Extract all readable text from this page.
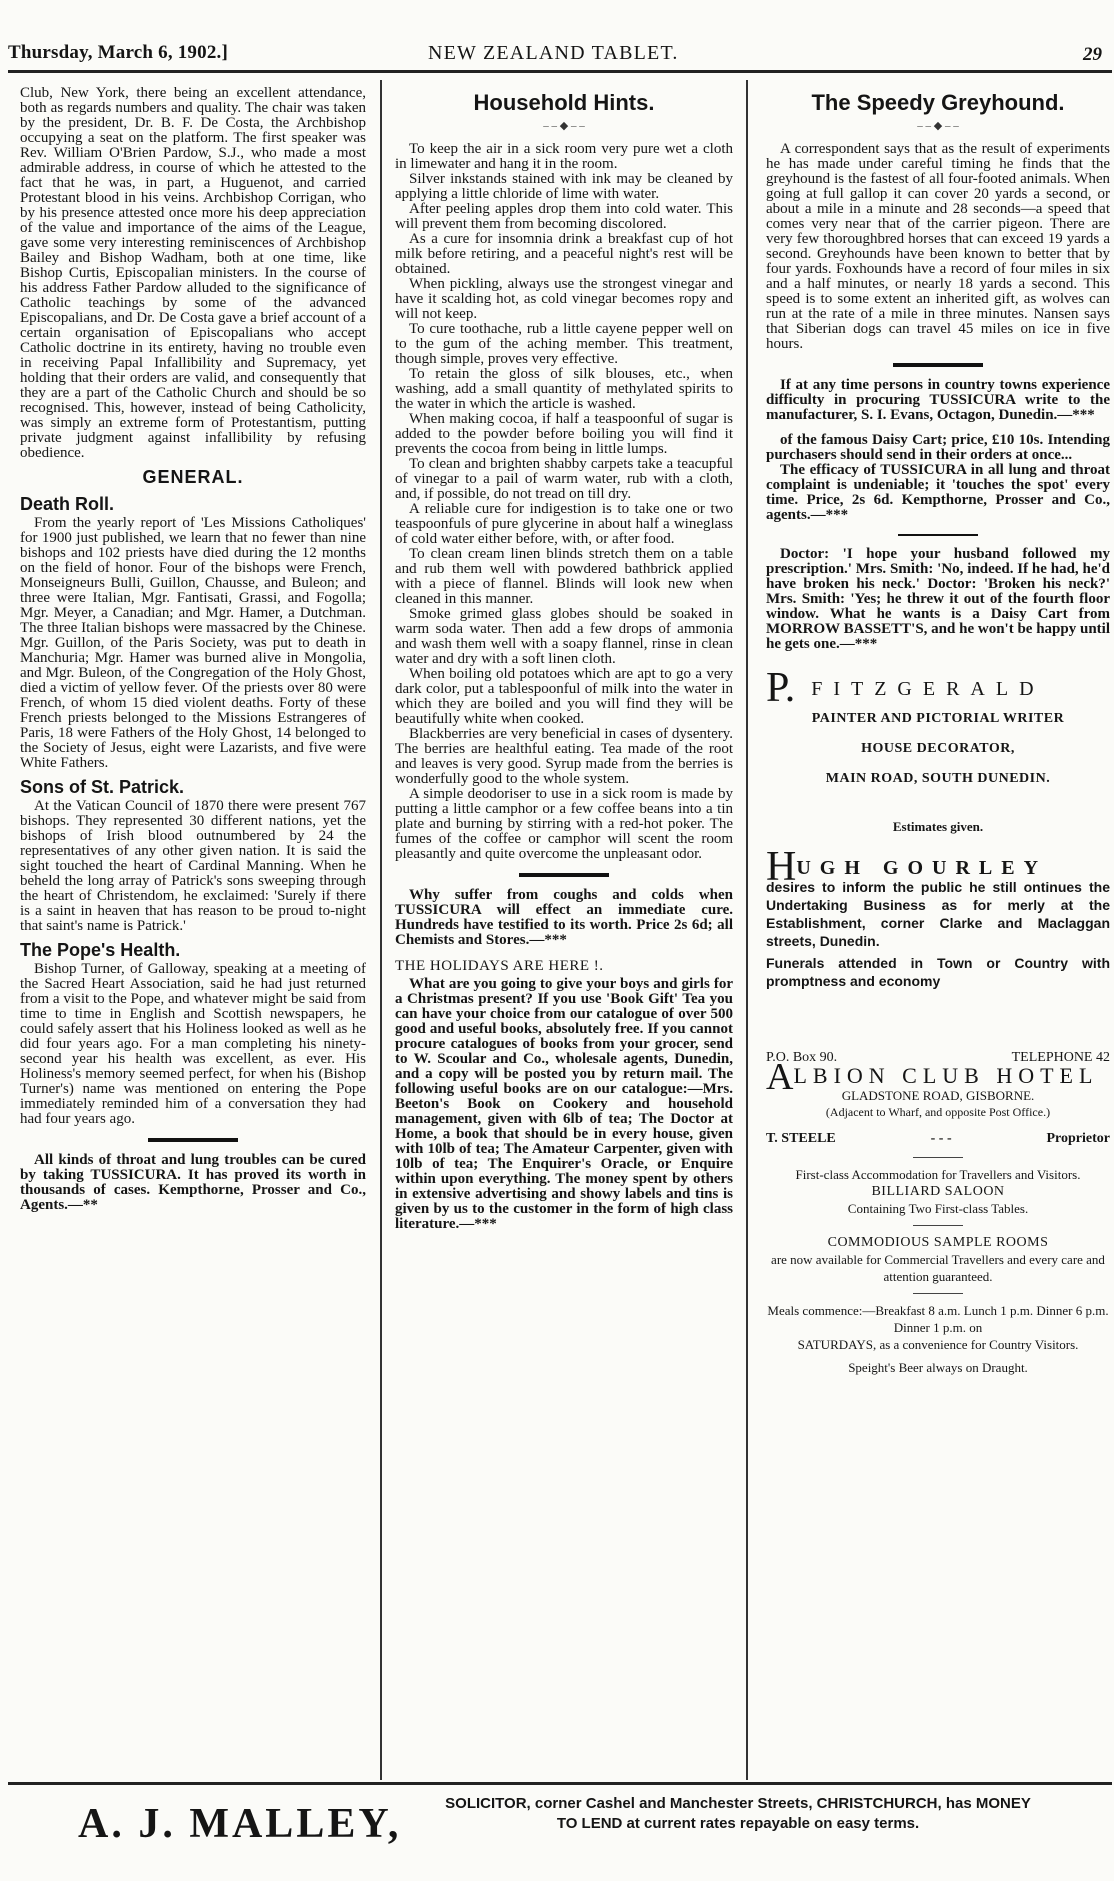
Thursday, March 6, 1902.]	NEW ZEALAND TABLET.	29

Club, New York, there being an excellent attendance, both as regards numbers and quality. The chair was taken by the president, Dr. B. F. De Costa, the Archbishop occupying a seat on the platform. The first speaker was Rev. William O'Brien Pardow, S.J., who made a most admirable address, in course of which he attested to the fact that he was, in part, a Huguenot, and carried Protestant blood in his veins. Archbishop Corrigan, who by his presence attested once more his deep appreciation of the value and importance of the aims of the League, gave some very interesting reminiscences of Archbishop Bailey and Bishop Wadham, both at one time, like Bishop Curtis, Episcopalian ministers. In the course of his address Father Pardow alluded to the significance of Catholic teachings by some of the advanced Episcopalians, and Dr. De Costa gave a brief account of a certain organisation of Episcopalians who accept Catholic doctrine in its entirety, having no trouble even in receiving Papal Infallibility and Supremacy, yet holding that their orders are valid, and consequently that they are a part of the Catholic Church and should be so recognised. This, however, instead of being Catholicity, was simply an extreme form of Protestantism, putting private judgment against infallibility by refusing obedience.

GENERAL.
Death Roll.

From the yearly report of 'Les Missions Catholiques' for 1900 just published, we learn that no fewer than nine bishops and 102 priests have died during the 12 months on the field of honor. Four of the bishops were French, Monseigneurs Bulli, Guillon, Chausse, and Buleon; and three were Italian, Mgr. Fantisati, Grassi, and Fogolla; Mgr. Meyer, a Canadian; and Mgr. Hamer, a Dutchman. The three Italian bishops were massacred by the Chinese. Mgr. Guillon, of the Paris Society, was put to death in Manchuria; Mgr. Hamer was burned alive in Mongolia, and Mgr. Buleon, of the Congregation of the Holy Ghost, died a victim of yellow fever. Of the priests over 80 were French, of whom 15 died violent deaths. Forty of these French priests belonged to the Missions Estrangeres of Paris, 18 were Fathers of the Holy Ghost, 14 belonged to the Society of Jesus, eight were Lazarists, and five were White Fathers.

Sons of St. Patrick.

At the Vatican Council of 1870 there were present 767 bishops. They represented 30 different nations, yet the bishops of Irish blood outnumbered by 24 the representatives of any other given nation. It is said the sight touched the heart of Cardinal Manning. When he beheld the long array of Patrick's sons sweeping through the heart of Christendom, he exclaimed: 'Surely if there is a saint in heaven that has reason to be proud to-night that saint's name is Patrick.'

The Pope's Health.

Bishop Turner, of Galloway, speaking at a meeting of the Sacred Heart Association, said he had just returned from a visit to the Pope, and whatever might be said from time to time in English and Scottish newspapers, he could safely assert that his Holiness looked as well as he did four years ago. For a man completing his ninety-second year his health was excellent, as ever. His Holiness's memory seemed perfect, for when his (Bishop Turner's) name was mentioned on entering the Pope immediately reminded him of a conversation they had had four years ago.

All kinds of throat and lung troubles can be cured by taking TUSSICURA. It has proved its worth in thousands of cases. Kempthorne, Prosser and Co., Agents.—**

Household Hints.
– – ◆ – –

To keep the air in a sick room very pure wet a cloth in limewater and hang it in the room.

Silver inkstands stained with ink may be cleaned by applying a little chloride of lime with water.

After peeling apples drop them into cold water. This will prevent them from becoming discolored.

As a cure for insomnia drink a breakfast cup of hot milk before retiring, and a peaceful night's rest will be obtained.

When pickling, always use the strongest vinegar and have it scalding hot, as cold vinegar becomes ropy and will not keep.

To cure toothache, rub a little cayene pepper well on to the gum of the aching member. This treatment, though simple, proves very effective.

To retain the gloss of silk blouses, etc., when washing, add a small quantity of methylated spirits to the water in which the article is washed.

When making cocoa, if half a teaspoonful of sugar is added to the powder before boiling you will find it prevents the cocoa from being in little lumps.

To clean and brighten shabby carpets take a teacupful of vinegar to a pail of warm water, rub with a cloth, and, if possible, do not tread on till dry.

A reliable cure for indigestion is to take one or two teaspoonfuls of pure glycerine in about half a wineglass of cold water either before, with, or after food.

To clean cream linen blinds stretch them on a table and rub them well with powdered bathbrick applied with a piece of flannel. Blinds will look new when cleaned in this manner.

Smoke grimed glass globes should be soaked in warm soda water. Then add a few drops of ammonia and wash them well with a soapy flannel, rinse in clean water and dry with a soft linen cloth.

When boiling old potatoes which are apt to go a very dark color, put a tablespoonful of milk into the water in which they are boiled and you will find they will be beautifully white when cooked.

Blackberries are very beneficial in cases of dysentery. The berries are healthful eating. Tea made of the root and leaves is very good. Syrup made from the berries is wonderfully good to the whole system.

A simple deodoriser to use in a sick room is made by putting a little camphor or a few coffee beans into a tin plate and burning by stirring with a red-hot poker. The fumes of the coffee or camphor will scent the room pleasantly and quite overcome the unpleasant odor.

Why suffer from coughs and colds when TUSSICURA will effect an immediate cure. Hundreds have testified to its worth. Price 2s 6d; all Chemists and Stores.—***

THE HOLIDAYS ARE HERE !.

What are you going to give your boys and girls for a Christmas present? If you use 'Book Gift' Tea you can have your choice from our catalogue of over 500 good and useful books, absolutely free. If you cannot procure catalogues of books from your grocer, send to W. Scoular and Co., wholesale agents, Dunedin, and a copy will be posted you by return mail. The following useful books are on our catalogue:—Mrs. Beeton's Book on Cookery and household management, given with 6lb of tea; The Doctor at Home, a book that should be in every house, given with 10lb of tea; The Amateur Carpenter, given with 10lb of tea; The Enquirer's Oracle, or Enquire within upon everything. The money spent by others in extensive advertising and showy labels and tins is given by us to the customer in the form of high class literature.—***

The Speedy Greyhound.
– – ◆ – –

A correspondent says that as the result of experiments he has made under careful timing he finds that the greyhound is the fastest of all four-footed animals. When going at full gallop it can cover 20 yards a second, or about a mile in a minute and 28 seconds—a speed that comes very near that of the carrier pigeon. There are very few thoroughbred horses that can exceed 19 yards a second. Greyhounds have been known to better that by four yards. Foxhounds have a record of four miles in six and a half minutes, or nearly 18 yards a second. This speed is to some extent an inherited gift, as wolves can run at the rate of a mile in three minutes. Nansen says that Siberian dogs can travel 45 miles on ice in five hours.

If at any time persons in country towns experience difficulty in procuring TUSSICURA write to the manufacturer, S. I. Evans, Octagon, Dunedin.—***

of the famous Daisy Cart; price, £10 10s. Intending purchasers should send in their orders at once...

The efficacy of TUSSICURA in all lung and throat complaint is undeniable; it 'touches the spot' every time. Price, 2s 6d. Kempthorne, Prosser and Co., agents.—***

Doctor: 'I hope your husband followed my prescription.' Mrs. Smith: 'No, indeed. If he had, he'd have broken his neck.' Doctor: 'Broken his neck?' Mrs. Smith: 'Yes; he threw it out of the fourth floor window. What he wants is a Daisy Cart from MORROW BASSETT'S, and he won't be happy until he gets one.—***

P. FITZGERALD
PAINTER AND PICTORIAL WRITER
HOUSE DECORATOR,
MAIN ROAD, SOUTH DUNEDIN.
Estimates given.
HUGH GOURLEY
desires to inform the public he still ontinues the Undertaking Business as for merly at the Establishment, corner Clarke and Maclaggan streets, Dunedin.
Funerals attended in Town or Country with promptness and economy
P.O. Box 90.	TELEPHONE 42
ALBION CLUB HOTEL
GLADSTONE ROAD, GISBORNE.
(Adjacent to Wharf, and opposite Post Office.)
T. STEELE	- - -	Proprietor
First-class Accommodation for Travellers and Visitors.
BILLIARD SALOON
Containing Two First-class Tables.
COMMODIOUS SAMPLE ROOMS
are now available for Commercial Travellers and every care and attention guaranteed.
Meals commence:—Breakfast 8 a.m. Lunch 1 p.m. Dinner 6 p.m. Dinner 1 p.m. on
SATURDAYS, as a convenience for Country Visitors.
Speight's Beer always on Draught.
A. J. MALLEY,	SOLICITOR, corner Cashel and Manchester Streets, CHRISTCHURCH, has MONEY
TO LEND at current rates repayable on easy terms.
